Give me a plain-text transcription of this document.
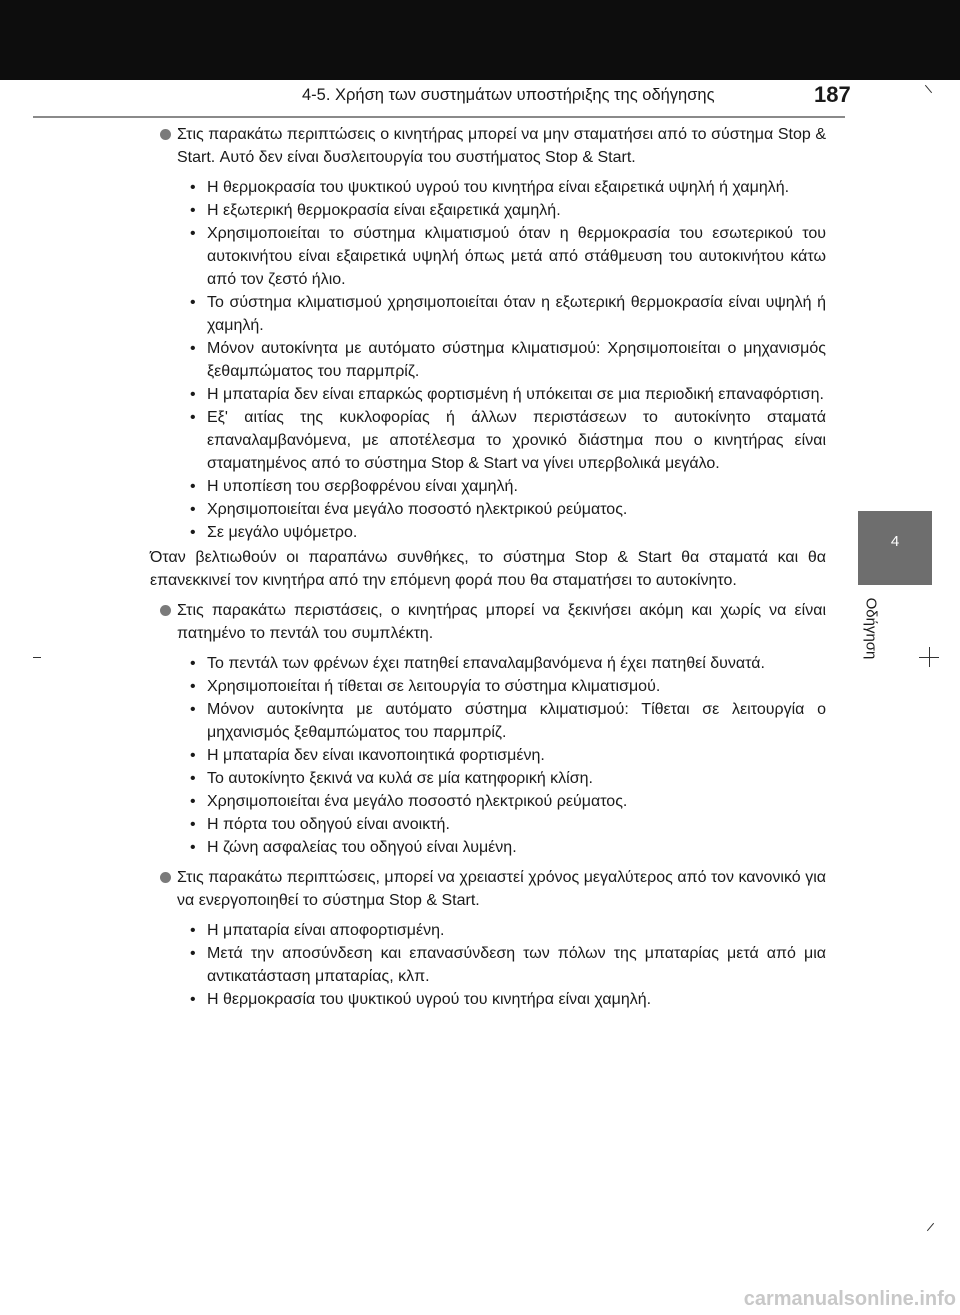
4-5. Χρήση των συστημάτων υποστήριξης της οδήγησης	187
4
Οδήγηση
Στις παρακάτω περιπτώσεις ο κινητήρας μπορεί να μην σταματήσει από το σύστημα Stop & Start. Αυτό δεν είναι δυσλειτουργία του συστήματος Stop & Start.
• Η θερμοκρασία του ψυκτικού υγρού του κινητήρα είναι εξαιρετικά υψηλή ή χαμηλή.
• Η εξωτερική θερμοκρασία είναι εξαιρετικά χαμηλή.
• Χρησιμοποιείται το σύστημα κλιματισμού όταν η θερμοκρασία του εσωτερικού του αυτοκινήτου είναι εξαιρετικά υψηλή όπως μετά από στάθμευση του αυτοκινήτου κάτω από τον ζεστό ήλιο.
• Το σύστημα κλιματισμού χρησιμοποιείται όταν η εξωτερική θερμοκρασία είναι υψηλή ή χαμηλή.
• Μόνον αυτοκίνητα με αυτόματο σύστημα κλιματισμού: Χρησιμοποιείται ο μηχανισμός ξεθαμπώματος του παρμπρίζ.
• Η μπαταρία δεν είναι επαρκώς φορτισμένη ή υπόκειται σε μια περιοδική επαναφόρτιση.
• Εξ' αιτίας της κυκλοφορίας ή άλλων περιστάσεων το αυτοκίνητο σταματά επαναλαμβανόμενα, με αποτέλεσμα το χρονικό διάστημα που ο κινητήρας είναι σταματημένος από το σύστημα Stop & Start να γίνει υπερβολικά μεγάλο.
• Η υποπίεση του σερβοφρένου είναι χαμηλή.
• Χρησιμοποιείται ένα μεγάλο ποσοστό ηλεκτρικού ρεύματος.
• Σε μεγάλο υψόμετρο.
Όταν βελτιωθούν οι παραπάνω συνθήκες, το σύστημα Stop & Start θα σταματά και θα επανεκκινεί τον κινητήρα από την επόμενη φορά που θα σταματήσει το αυτοκίνητο.
Στις παρακάτω περιστάσεις, ο κινητήρας μπορεί να ξεκινήσει ακόμη και χωρίς να είναι πατημένο το πεντάλ του συμπλέκτη.
• Το πεντάλ των φρένων έχει πατηθεί επαναλαμβανόμενα ή έχει πατηθεί δυνατά.
• Χρησιμοποιείται ή τίθεται σε λειτουργία το σύστημα κλιματισμού.
• Μόνον αυτοκίνητα με αυτόματο σύστημα κλιματισμού: Τίθεται σε λειτουργία ο μηχανισμός ξεθαμπώματος του παρμπρίζ.
• Η μπαταρία δεν είναι ικανοποιητικά φορτισμένη.
• Το αυτοκίνητο ξεκινά να κυλά σε μία κατηφορική κλίση.
• Χρησιμοποιείται ένα μεγάλο ποσοστό ηλεκτρικού ρεύματος.
• Η πόρτα του οδηγού είναι ανοικτή.
• Η ζώνη ασφαλείας του οδηγού είναι λυμένη.
Στις παρακάτω περιπτώσεις, μπορεί να χρειαστεί χρόνος μεγαλύτερος από τον κανονικό για να ενεργοποιηθεί το σύστημα Stop & Start.
• Η μπαταρία είναι αποφορτισμένη.
• Μετά την αποσύνδεση και επανασύνδεση των πόλων της μπαταρίας μετά από μια αντικατάσταση μπαταρίας, κλπ.
• Η θερμοκρασία του ψυκτικού υγρού του κινητήρα είναι χαμηλή.
carmanualsonline.info
